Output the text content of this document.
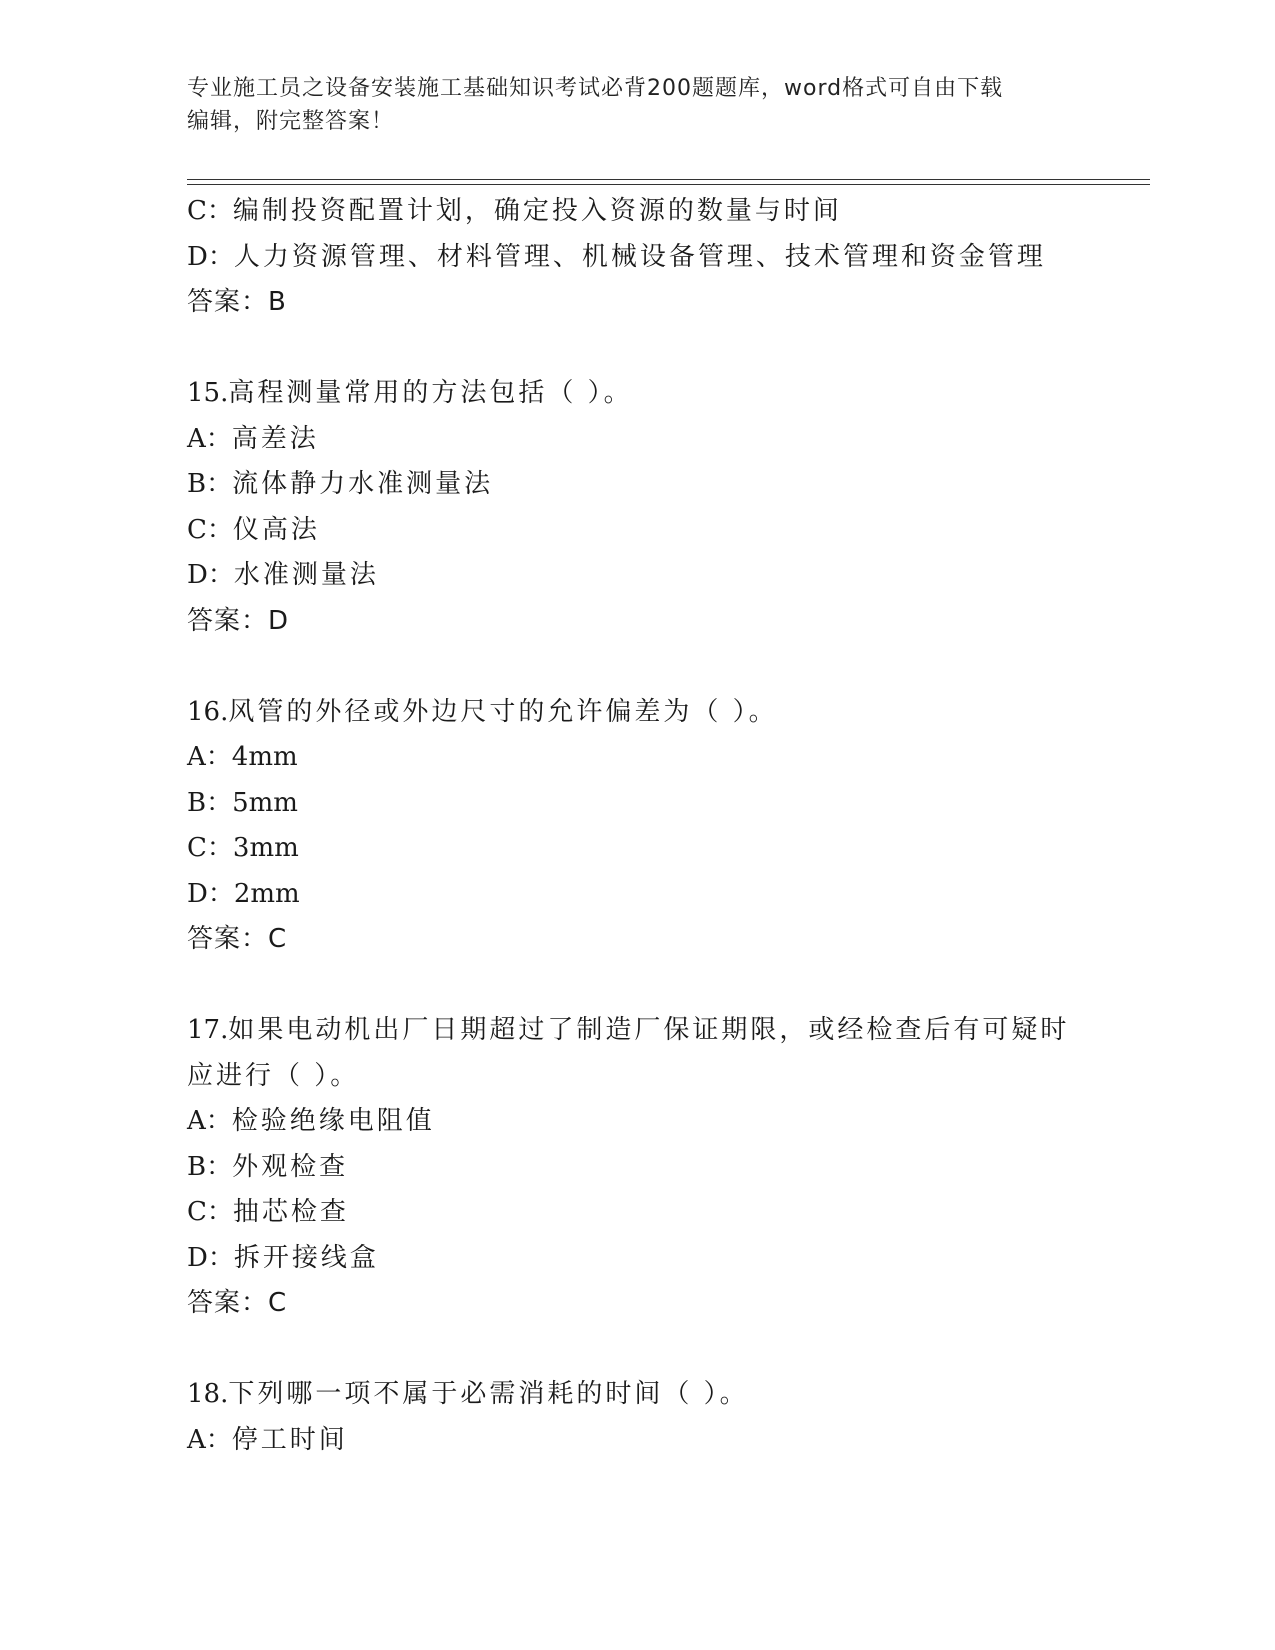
专业施工员之设备安装施工基础知识考试必背200题题库，word格式可自由下载
编辑，附完整答案！
C：编制投资配置计划，确定投入资源的数量与时间
D：人力资源管理、材料管理、机械设备管理、技术管理和资金管理
答案：B
15.高程测量常用的方法包括（ ）。
A：高差法
B：流体静力水准测量法
C：仪高法
D：水准测量法
答案：D
16.风管的外径或外边尺寸的允许偏差为（ ）。
A：4mm
B：5mm
C：3mm
D：2mm
答案：C
17.如果电动机出厂日期超过了制造厂保证期限，或经检查后有可疑时
应进行（ ）。
A：检验绝缘电阻值
B：外观检查
C：抽芯检查
D：拆开接线盒
答案：C
18.下列哪一项不属于必需消耗的时间（ ）。
A：停工时间
